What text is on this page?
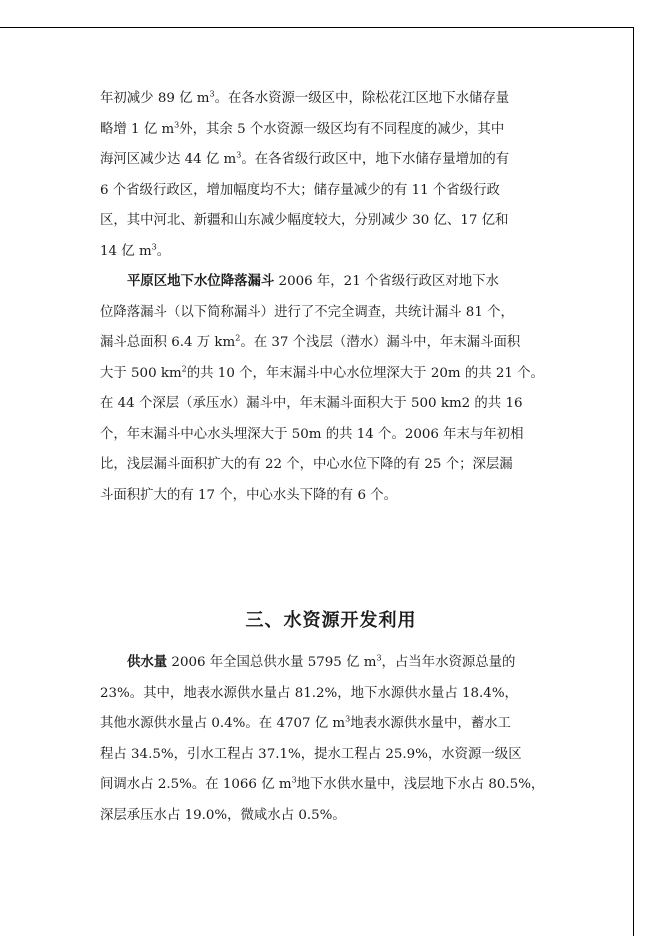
年初减少 89 亿 $m^3$。在各水资源一级区中，除松花江区地下水储存量
略增 1 亿 $m^3$外，其余 5 个水资源一级区均有不同程度的减少，其中
海河区减少达 44 亿 $m^3$。在各省级行政区中，地下水储存量增加的有
6 个省级行政区，增加幅度均不大；储存量减少的有 11 个省级行政
区，其中河北、新疆和山东减少幅度较大，分别减少 30 亿、17 亿和
14 亿 $m^3$。
平原区地下水位降落漏斗 2006 年，21 个省级行政区对地下水
位降落漏斗（以下简称漏斗）进行了不完全调查，共统计漏斗 81 个，
漏斗总面积 6.4 万 $km^2$。在 37 个浅层（潜水）漏斗中，年末漏斗面积
大于 500 $km^2$的共 10 个，年末漏斗中心水位埋深大于 20m 的共 21 个。
在 44 个深层（承压水）漏斗中，年末漏斗面积大于 500 km2 的共 16
个，年末漏斗中心水头埋深大于 50m 的共 14 个。2006 年末与年初相
比，浅层漏斗面积扩大的有 22 个，中心水位下降的有 25 个；深层漏
斗面积扩大的有 17 个，中心水头下降的有 6 个。
三、水资源开发利用
供水量 2006 年全国总供水量 5795 亿 $m^3$，占当年水资源总量的
23%。其中，地表水源供水量占 81.2%，地下水源供水量占 18.4%，
其他水源供水量占 0.4%。在 4707 亿 $m^3$地表水源供水量中，蓄水工
程占 34.5%，引水工程占 37.1%，提水工程占 25.9%，水资源一级区
间调水占 2.5%。在 1066 亿 $m^3$地下水供水量中，浅层地下水占 80.5%，
深层承压水占 19.0%，微咸水占 0.5%。
